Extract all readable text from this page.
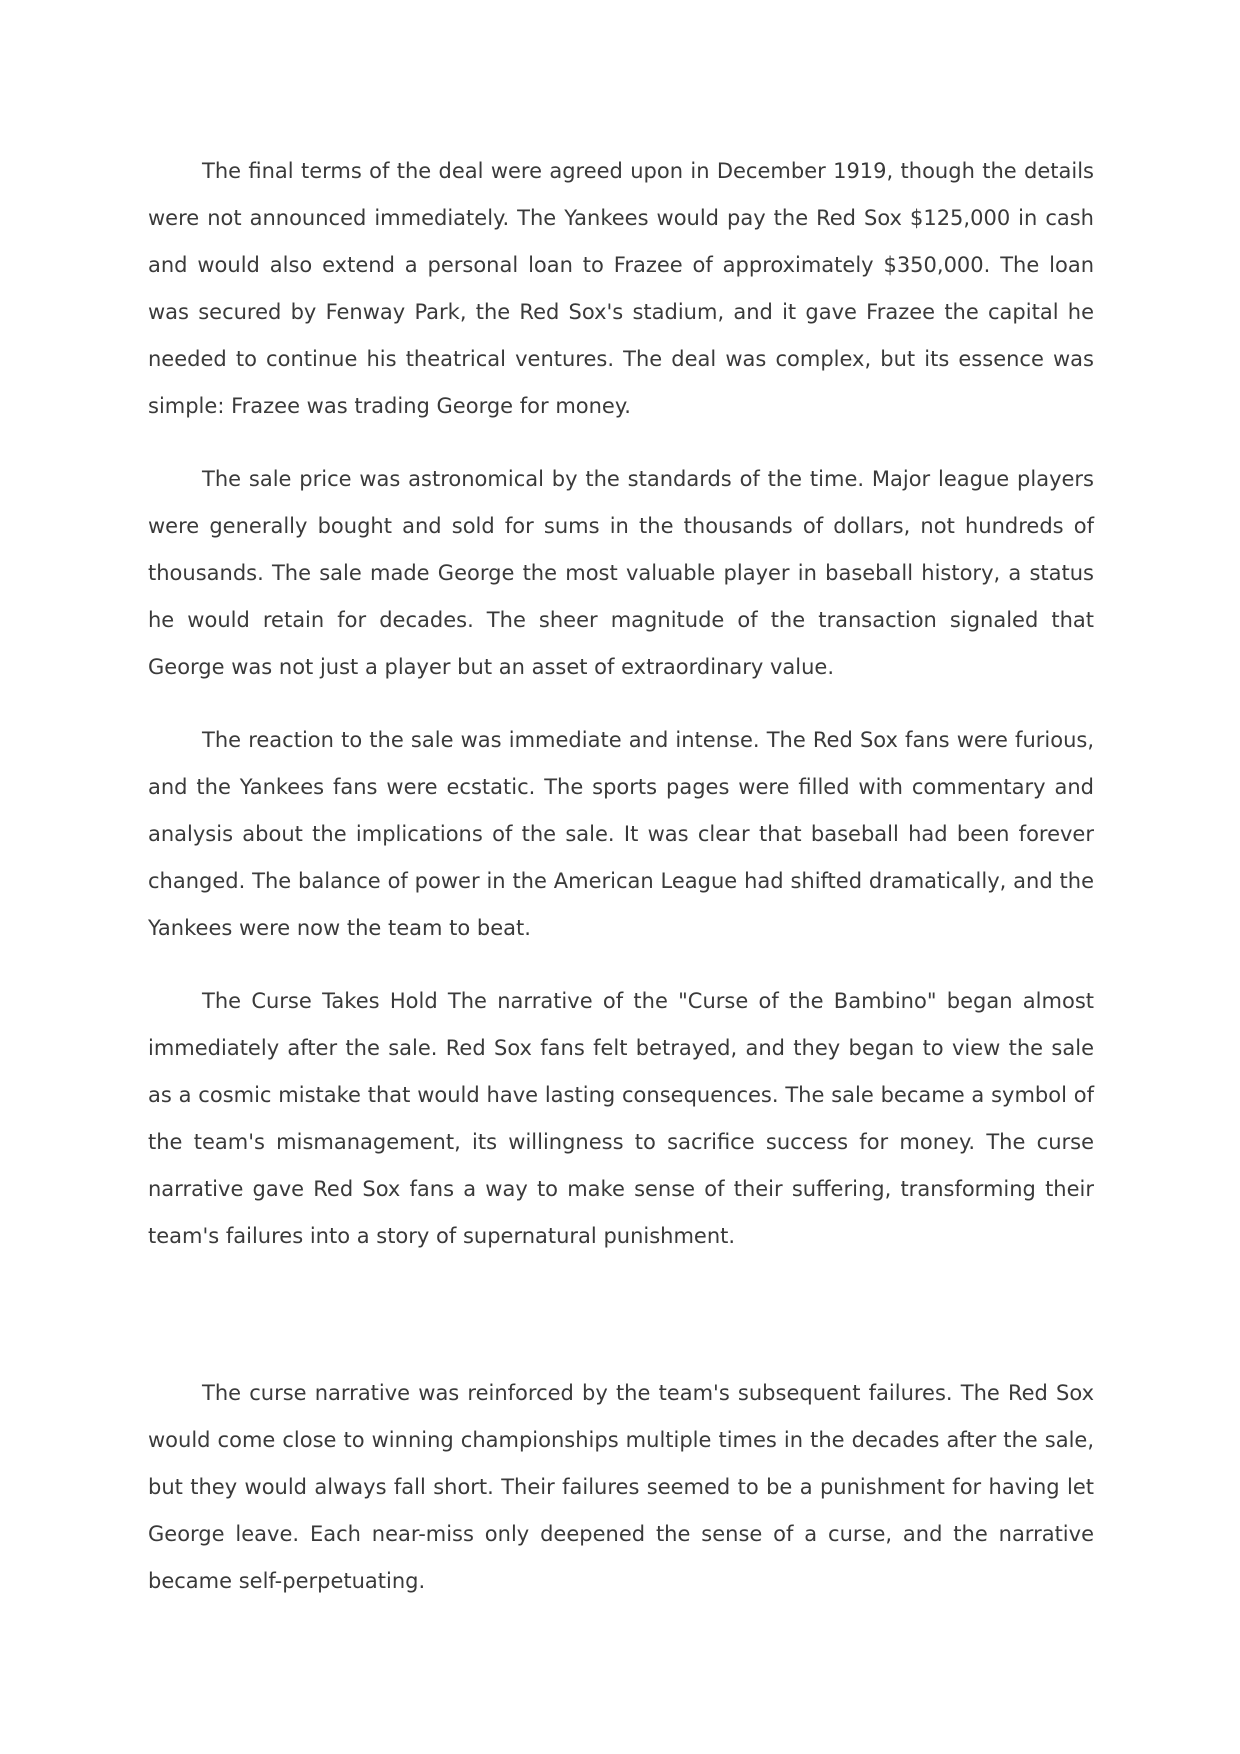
The final terms of the deal were agreed upon in December 1919, though the details were not announced immediately. The Yankees would pay the Red Sox $125,000 in cash and would also extend a personal loan to Frazee of approximately $350,000. The loan was secured by Fenway Park, the Red Sox's stadium, and it gave Frazee the capital he needed to continue his theatrical ventures. The deal was complex, but its essence was simple: Frazee was trading George for money.

The sale price was astronomical by the standards of the time. Major league players were generally bought and sold for sums in the thousands of dollars, not hundreds of thousands. The sale made George the most valuable player in baseball history, a status he would retain for decades. The sheer magnitude of the transaction signaled that George was not just a player but an asset of extraordinary value.

The reaction to the sale was immediate and intense. The Red Sox fans were furious, and the Yankees fans were ecstatic. The sports pages were filled with commentary and analysis about the implications of the sale. It was clear that baseball had been forever changed. The balance of power in the American League had shifted dramatically, and the Yankees were now the team to beat.

The Curse Takes Hold The narrative of the "Curse of the Bambino" began almost immediately after the sale. Red Sox fans felt betrayed, and they began to view the sale as a cosmic mistake that would have lasting consequences. The sale became a symbol of the team's mismanagement, its willingness to sacrifice success for money. The curse narrative gave Red Sox fans a way to make sense of their suffering, transforming their team's failures into a story of supernatural punishment.

The curse narrative was reinforced by the team's subsequent failures. The Red Sox would come close to winning championships multiple times in the decades after the sale, but they would always fall short. Their failures seemed to be a punishment for having let George leave. Each near-miss only deepened the sense of a curse, and the narrative became self-perpetuating.
